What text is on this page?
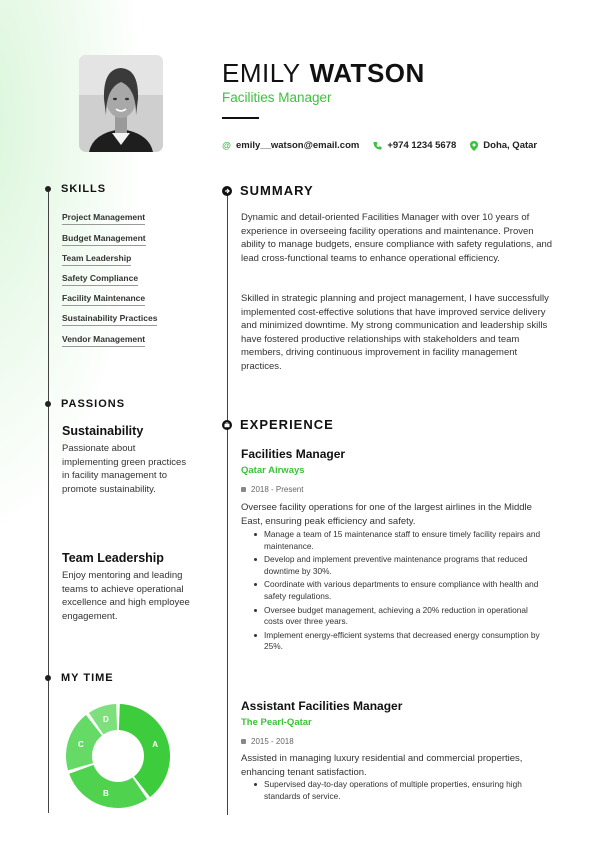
EMILY WATSON
Facilities Manager
@ emily__watson@email.com	+974 1234 5678	Doha, Qatar
SKILLS
Project Management
Budget Management
Team Leadership
Safety Compliance
Facility Maintenance
Sustainability Practices
Vendor Management
PASSIONS
Sustainability
Passionate about implementing green practices in facility management to promote sustainability.
Team Leadership
Enjoy mentoring and leading teams to achieve operational excellence and high employee engagement.
MY TIME
A
B
C
D
SUMMARY
Dynamic and detail-oriented Facilities Manager with over 10 years of experience in overseeing facility operations and maintenance. Proven ability to manage budgets, ensure compliance with safety regulations, and lead cross-functional teams to enhance operational efficiency.
Skilled in strategic planning and project management, I have successfully implemented cost-effective solutions that have improved service delivery and minimized downtime. My strong communication and leadership skills have fostered productive relationships with stakeholders and team members, driving continuous improvement in facility management practices.
EXPERIENCE
Facilities Manager
Qatar Airways
2018 - Present
Oversee facility operations for one of the largest airlines in the Middle East, ensuring peak efficiency and safety.
Manage a team of 15 maintenance staff to ensure timely facility repairs and maintenance.
Develop and implement preventive maintenance programs that reduced downtime by 30%.
Coordinate with various departments to ensure compliance with health and safety regulations.
Oversee budget management, achieving a 20% reduction in operational costs over three years.
Implement energy-efficient systems that decreased energy consumption by 25%.
Assistant Facilities Manager
The Pearl-Qatar
2015 - 2018
Assisted in managing luxury residential and commercial properties, enhancing tenant satisfaction.
Supervised day-to-day operations of multiple properties, ensuring high standards of service.
